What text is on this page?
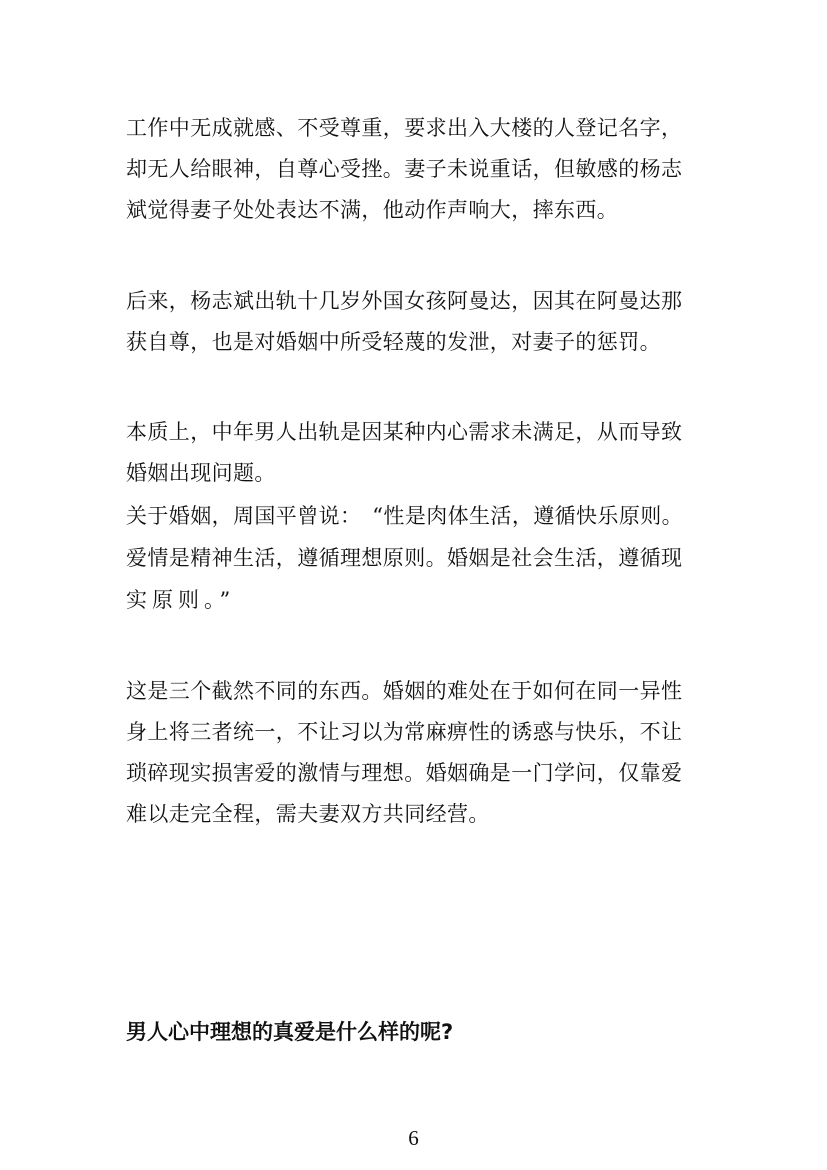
工作中无成就感、不受尊重，要求出入大楼的人登记名字，
却无人给眼神，自尊心受挫。妻子未说重话，但敏感的杨志
斌觉得妻子处处表达不满，他动作声响大，摔东西。
后来，杨志斌出轨十几岁外国女孩阿曼达，因其在阿曼达那
获自尊，也是对婚姻中所受轻蔑的发泄，对妻子的惩罚。
本质上，中年男人出轨是因某种内心需求未满足，从而导致
婚姻出现问题。
关于婚姻，周国平曾说：　“性是肉体生活，遵循快乐原则。
爱情是精神生活，遵循理想原则。婚姻是社会生活，遵循现
实原则。”
这是三个截然不同的东西。婚姻的难处在于如何在同一异性
身上将三者统一，不让习以为常麻痹性的诱惑与快乐，不让
琐碎现实损害爱的激情与理想。婚姻确是一门学问，仅靠爱
难以走完全程，需夫妻双方共同经营。
男人心中理想的真爱是什么样的呢?
6
